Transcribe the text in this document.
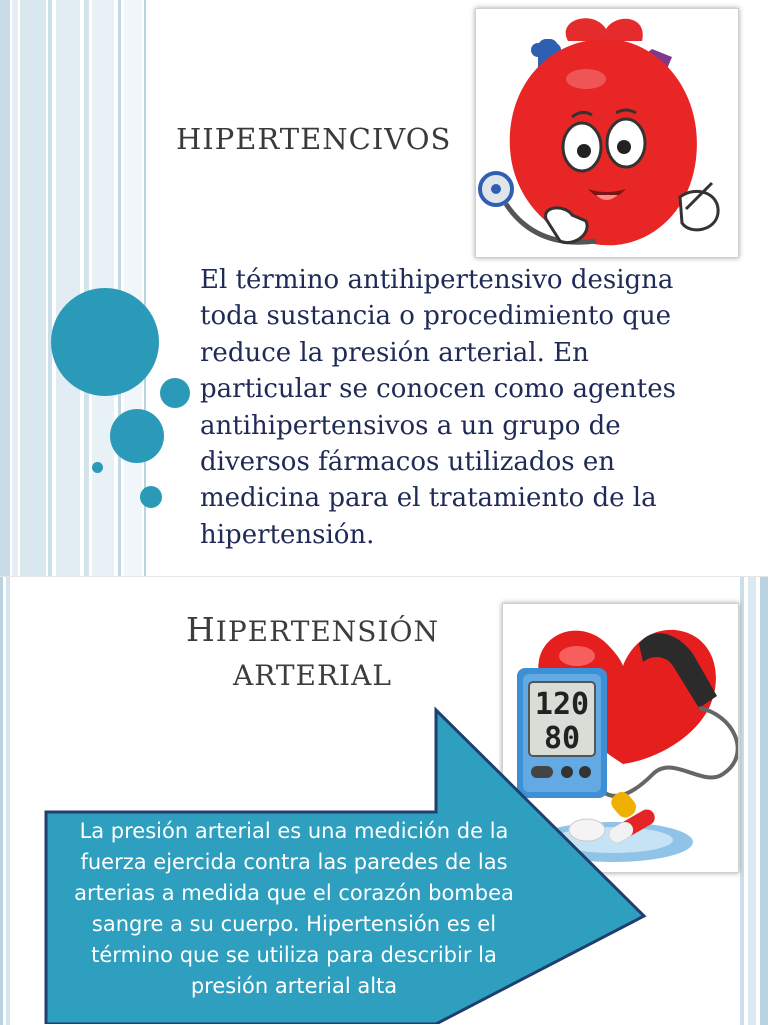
HIPERTENCIVOS

El término antihipertensivo designa toda sustancia o procedimiento que reduce la presión arterial. En particular se conocen como agentes antihipertensivos a un grupo de diversos fármacos utilizados en medicina para el tratamiento de la hipertensión.

HIPERTENSIÓN
ARTERIAL
120
80

La presión arterial es una medición de la fuerza ejercida contra las paredes de las arterias a medida que el corazón bombea sangre a su cuerpo. Hipertensión es el término que se utiliza para describir la presión arterial alta
